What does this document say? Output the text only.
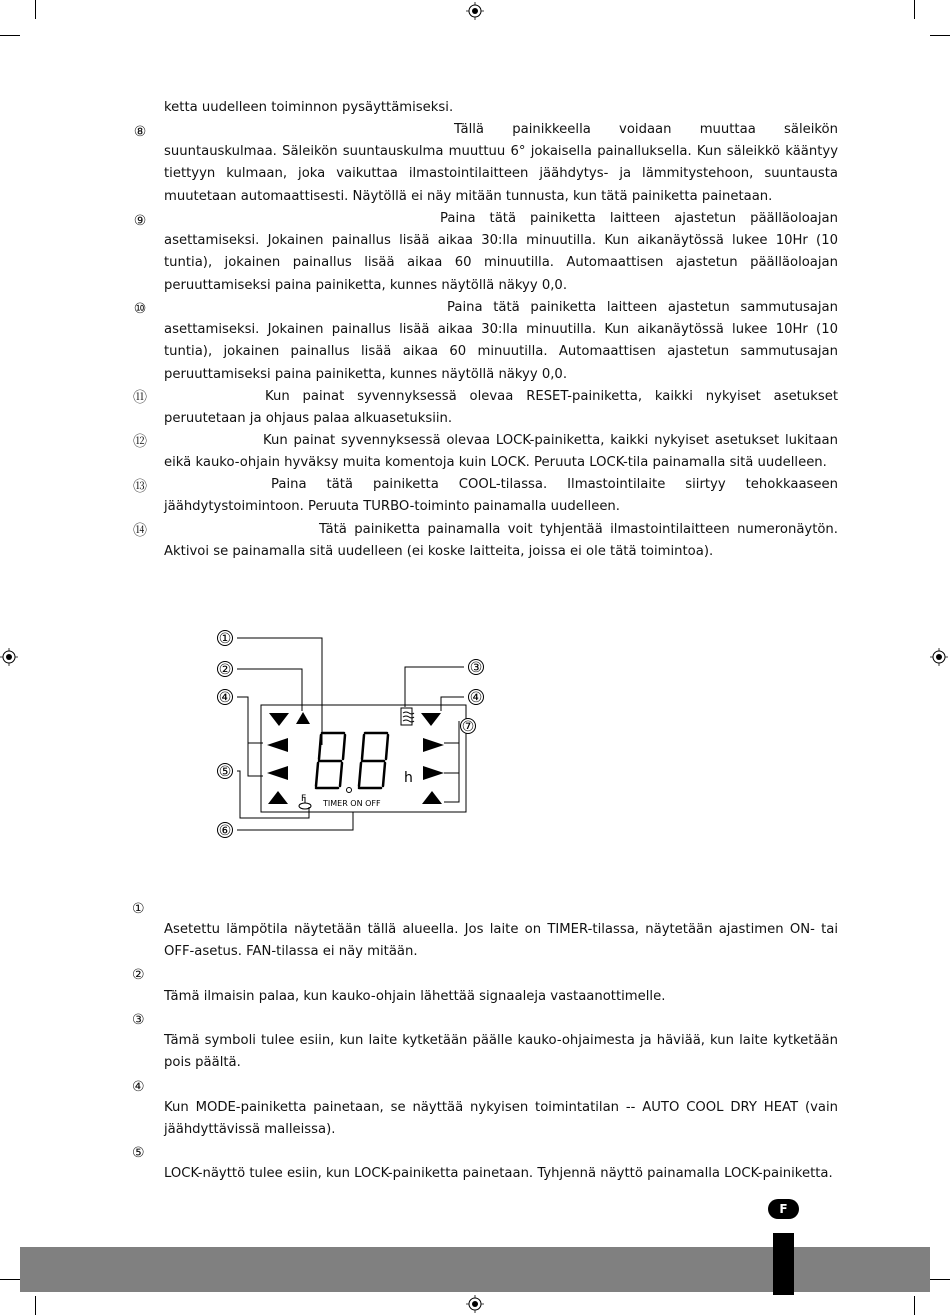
ketta uudelleen toiminnon pysäyttämiseksi.

⑧	Tällä painikkeella voidaan muuttaa säleikön suuntauskulmaa. Säleikön suuntauskulma muuttuu 6° jokaisella painalluksella. Kun säleikkö kääntyy tiettyyn kulmaan, joka vaikuttaa ilmastointilaitteen jäähdytys- ja lämmitystehoon, suuntausta muutetaan automaattisesti. Näytöllä ei näy mitään tunnusta, kun tätä painiketta painetaan.

⑨	Paina tätä painiketta laitteen ajastetun päälläoloajan asettamiseksi. Jokainen painallus lisää aikaa 30:lla minuutilla. Kun aikanäytössä lukee 10Hr (10 tuntia), jokainen painallus lisää aikaa 60 minuutilla. Automaattisen ajastetun päälläoloajan peruuttamiseksi paina painiketta, kunnes näytöllä näkyy 0,0.

⑩	Paina tätä painiketta laitteen ajastetun sammutusajan asettamiseksi. Jokainen painallus lisää aikaa 30:lla minuutilla. Kun aikanäytössä lukee 10Hr (10 tuntia), jokainen painallus lisää aikaa 60 minuutilla. Automaattisen ajastetun sammutusajan peruuttamiseksi paina painiketta, kunnes näytöllä näkyy 0,0.

⑪	Kun painat syvennyksessä olevaa RESET-painiketta, kaikki nykyiset asetukset peruutetaan ja ohjaus palaa alkuasetuksiin.

⑫	Kun painat syvennyksessä olevaa LOCK-painiketta, kaikki nykyiset asetukset lukitaan eikä kauko-ohjain hyväksy muita komentoja kuin LOCK. Peruuta LOCK-tila painamalla sitä uudelleen.

⑬	Paina tätä painiketta COOL-tilassa. Ilmastointilaite siirtyy tehokkaaseen jäähdytystoimintoon. Peruuta TURBO-toiminto painamalla uudelleen.

⑭	Tätä painiketta painamalla voit tyhjentää ilmastointilaitteen numeronäytön. Aktivoi se painamalla sitä uudelleen (ei koske laitteita, joissa ei ole tätä toimintoa).

①
②	③
④	④
⑤
⑥
⑦
h
F TIMER ON OFF
①

Asetettu lämpötila näytetään tällä alueella. Jos laite on TIMER-tilassa, näytetään ajastimen ON- tai OFF-asetus. FAN-tilassa ei näy mitään.

②

Tämä ilmaisin palaa, kun kauko-ohjain lähettää signaaleja vastaanottimelle.

③

Tämä symboli tulee esiin, kun laite kytketään päälle kauko-ohjaimesta ja häviää, kun laite kytketään pois päältä.

④

Kun MODE-painiketta painetaan, se näyttää nykyisen toimintatilan -- AUTO COOL DRY HEAT (vain jäähdyttävissä malleissa).

⑤

LOCK-näyttö tulee esiin, kun LOCK-painiketta painetaan. Tyhjennä näyttö painamalla LOCK-painiketta.

F
